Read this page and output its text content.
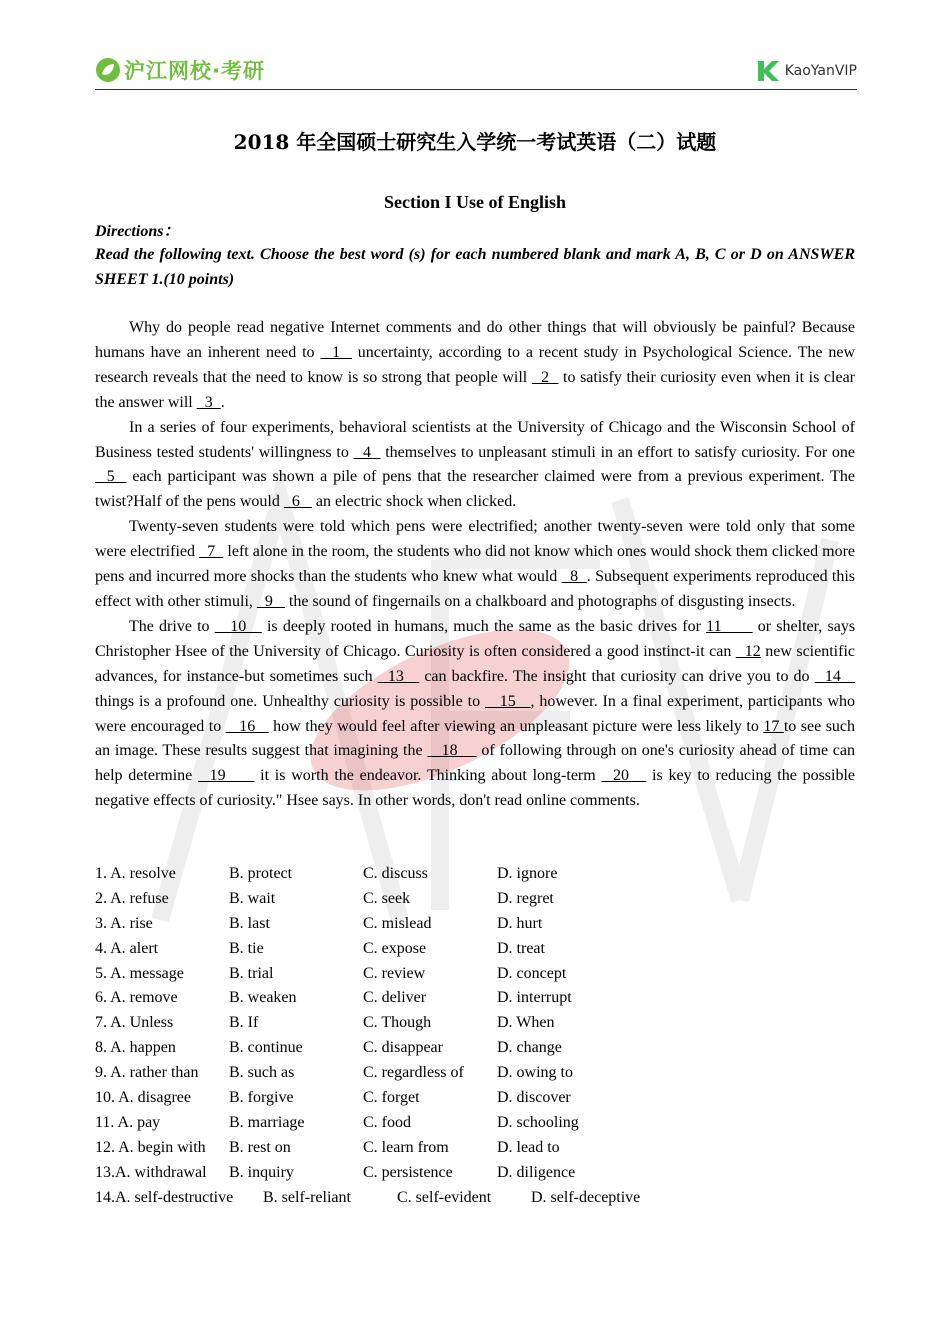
沪江网校·考研	KaoYanVIP
2018 年全国硕士研究生入学统一考试英语（二）试题
Section I Use of English
Directions：
Read the following text. Choose the best word (s) for each numbered blank and mark A, B, C or D on ANSWER SHEET 1.(10 points)

Why do people read negative Internet comments and do other things that will obviously be painful? Because humans have an inherent need to   1   uncertainty, according to a recent study in Psychological Science. The new research reveals that the need to know is so strong that people will   2   to satisfy their curiosity even when it is clear the answer will   3  .

In a series of four experiments, behavioral scientists at the University of Chicago and the Wisconsin School of Business tested students' willingness to   4   themselves to unpleasant stimuli in an effort to satisfy curiosity. For one   5   each participant was shown a pile of pens that the researcher claimed were from a previous experiment. The twist?Half of the pens would   6    an electric shock when clicked.

Twenty-seven students were told which pens were electrified; another twenty-seven were told only that some were electrified   7   left alone in the room, the students who did not know which ones would shock them clicked more pens and incurred more shocks than the students who knew what would   8  . Subsequent experiments reproduced this effect with other stimuli,   9    the sound of fingernails on a chalkboard and photographs of disgusting insects.

The drive to    10    is deeply rooted in humans, much the same as the basic drives for 11       or shelter, says Christopher Hsee of the University of Chicago. Curiosity is often considered a good instinct-it can   12 new scientific advances, for instance-but sometimes such   13    can backfire. The insight that curiosity can drive you to do   14    things is a profound one. Unhealthy curiosity is possible to    15   , however. In a final experiment, participants who were encouraged to    16    how they would feel after viewing an unpleasant picture were less likely to 17 to see such an image. These results suggest that imagining the    18     of following through on one's curiosity ahead of time can help determine   19      it is worth the endeavor. Thinking about long-term   20    is key to reducing the possible negative effects of curiosity." Hsee says. In other words, don't read online comments.

1. A. resolve	B. protect	C. discuss	D. ignore
2. A. refuse	B. wait	C. seek	D. regret
3. A. rise	B. last	C. mislead	D. hurt
4. A. alert	B. tie	C. expose	D. treat
5. A. message	B. trial	C. review	D. concept
6. A. remove	B. weaken	C. deliver	D. interrupt
7. A. Unless	B. If	C. Though	D. When
8. A. happen	B. continue	C. disappear	D. change
9. A. rather than B. such as	C. regardless of D. owing to
10. A. disagree B. forgive	C. forget	D. discover
11. A. pay	B. marriage	C. food	D. schooling
12. A. begin with B. rest on	C. learn from	D. lead to
13.A. withdrawal B. inquiry	C. persistence	D. diligence
14.A. self-destructive B. self-reliant	C. self-evident D. self-deceptive
